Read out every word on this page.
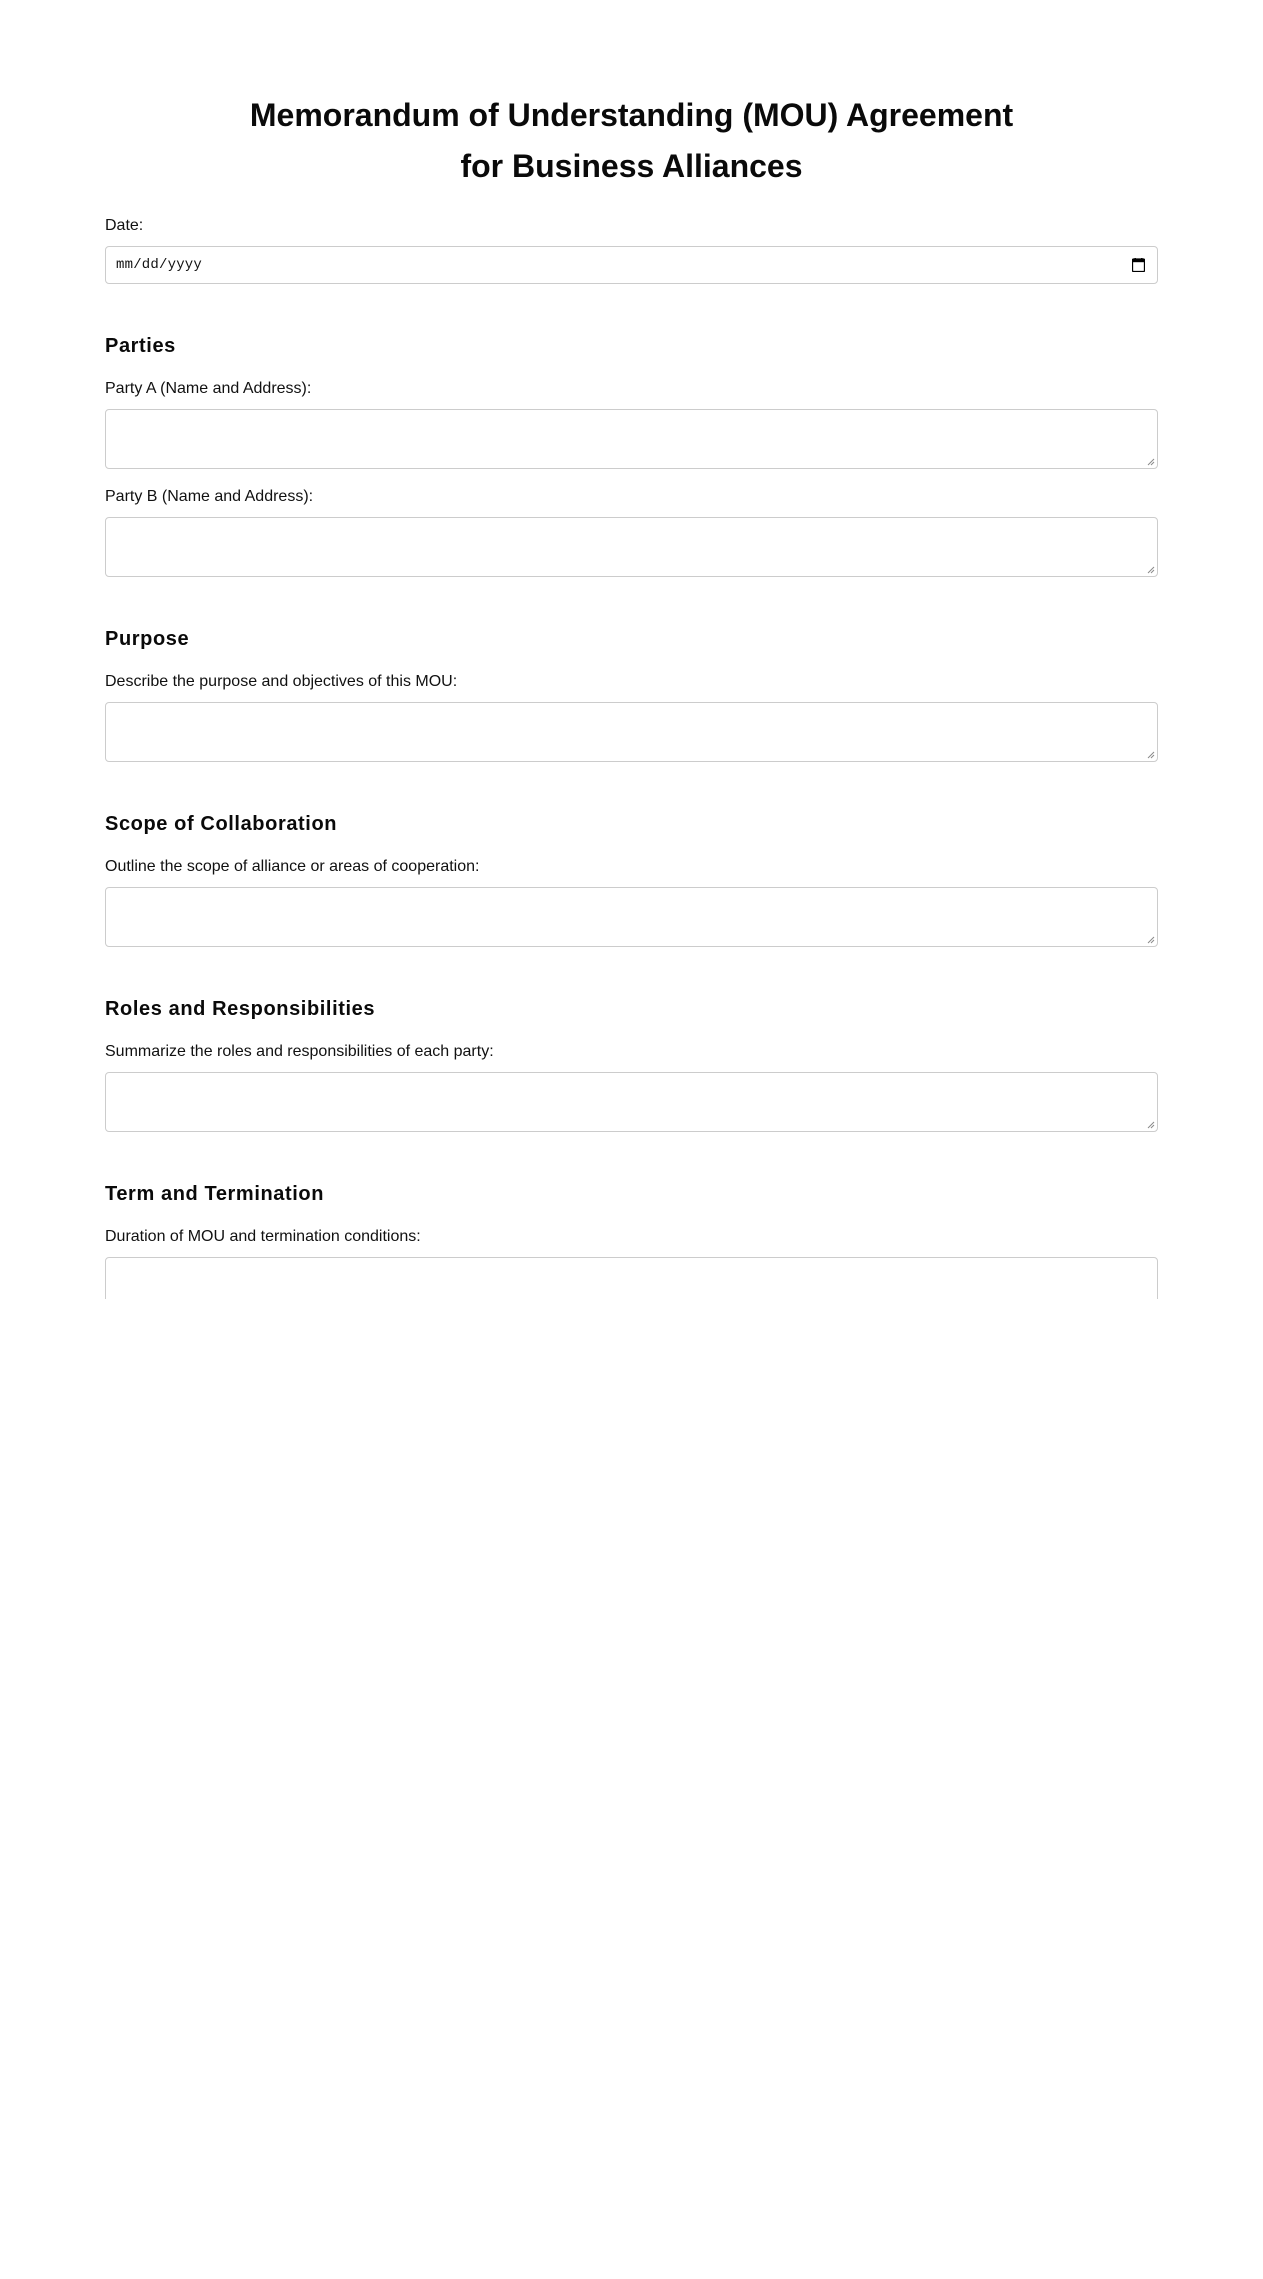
Memorandum of Understanding (MOU) Agreement
for Business Alliances
Date:
mm/dd/yyyy
Parties
Party A (Name and Address):
Party B (Name and Address):
Purpose
Describe the purpose and objectives of this MOU:
Scope of Collaboration
Outline the scope of alliance or areas of cooperation:
Roles and Responsibilities
Summarize the roles and responsibilities of each party:
Term and Termination
Duration of MOU and termination conditions:
